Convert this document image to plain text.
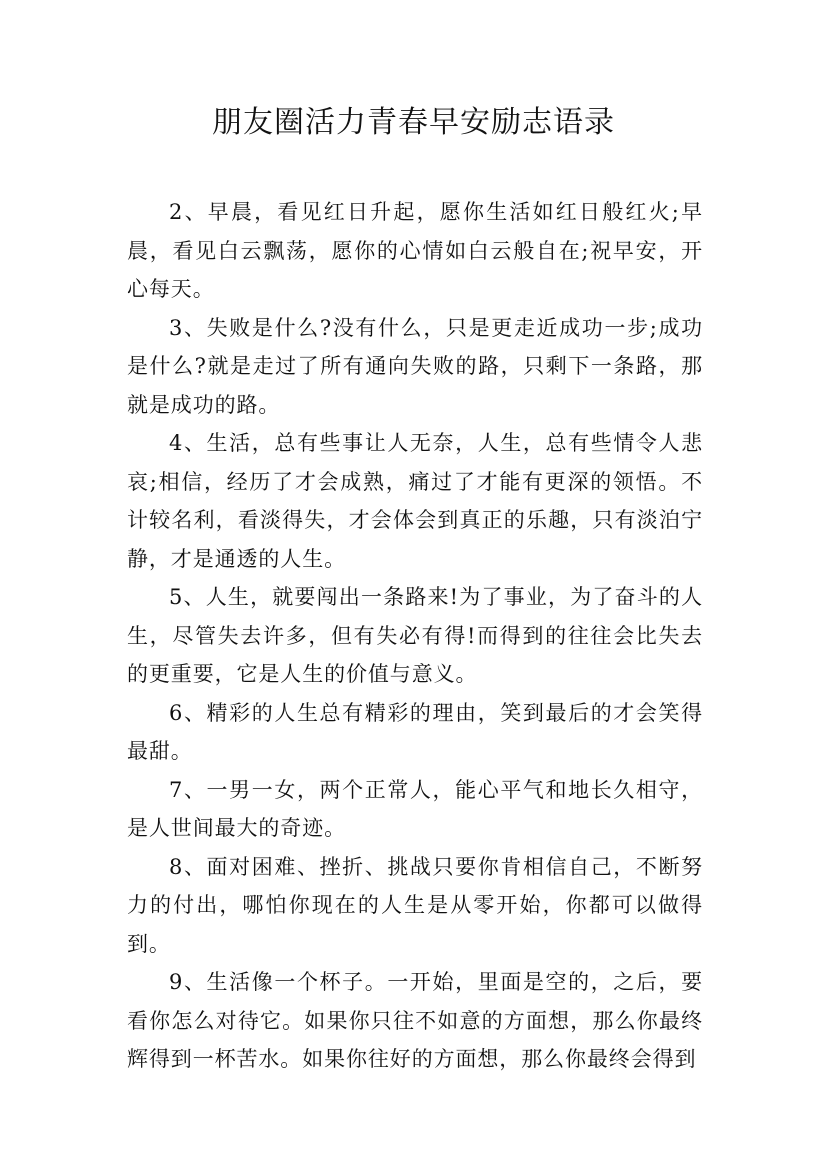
朋友圈活力青春早安励志语录

2、早晨，看见红日升起，愿你生活如红日般红火;早晨，看见白云飘荡，愿你的心情如白云般自在;祝早安，开心每天。

3、失败是什么?没有什么，只是更走近成功一步;成功是什么?就是走过了所有通向失败的路，只剩下一条路，那就是成功的路。

4、生活，总有些事让人无奈，人生，总有些情令人悲哀;相信，经历了才会成熟，痛过了才能有更深的领悟。不计较名利，看淡得失，才会体会到真正的乐趣，只有淡泊宁静，才是通透的人生。

5、人生，就要闯出一条路来!为了事业，为了奋斗的人生，尽管失去许多，但有失必有得!而得到的往往会比失去的更重要，它是人生的价值与意义。

6、精彩的人生总有精彩的理由，笑到最后的才会笑得最甜。

7、一男一女，两个正常人，能心平气和地长久相守，是人世间最大的奇迹。

8、面对困难、挫折、挑战只要你肯相信自己，不断努力的付出，哪怕你现在的人生是从零开始，你都可以做得到。

9、生活像一个杯子。一开始，里面是空的，之后，要看你怎么对待它。如果你只往不如意的方面想，那么你最终辉得到一杯苦水。如果你往好的方面想，那么你最终会得到
